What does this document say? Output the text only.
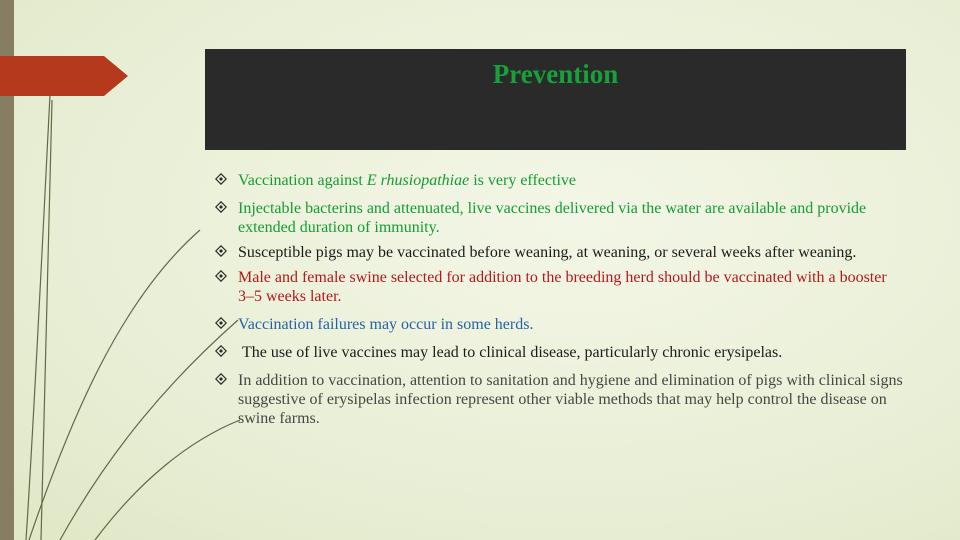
Prevention
Vaccination against E rhusiopathiae is very effective
Injectable bacterins and attenuated, live vaccines delivered via the water are available and provide extended duration of immunity.
Susceptible pigs may be vaccinated before weaning, at weaning, or several weeks after weaning.
Male and female swine selected for addition to the breeding herd should be vaccinated with a booster 3–5 weeks later.
Vaccination failures may occur in some herds.
The use of live vaccines may lead to clinical disease, particularly chronic erysipelas.
In addition to vaccination, attention to sanitation and hygiene and elimination of pigs with clinical signs suggestive of erysipelas infection represent other viable methods that may help control the disease on swine farms.
